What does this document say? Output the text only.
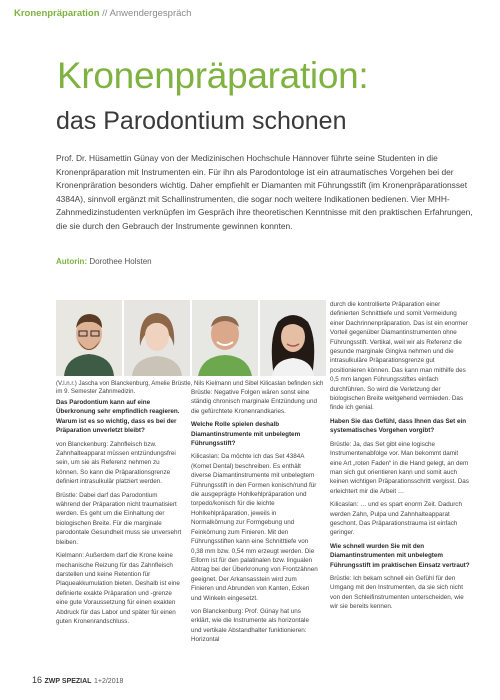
Kronenpräparation // Anwendergespräch
Kronenpräparation:
das Parodontium schonen
Prof. Dr. Hüsamettin Günay von der Medizinischen Hochschule Hannover führte seine Studenten in die Kronenpräparation mit Instrumenten ein. Für ihn als Parodontologe ist ein atraumatisches Vorgehen bei der Kronenpräration besonders wichtig. Daher empfiehlt er Diamanten mit Führungsstift (im Kronenpräparationsset 4384A), sinnvoll ergänzt mit Schallinstrumenten, die sogar noch weitere Indikationen bedienen. Vier MHH-Zahnmedizinstudenten verknüpfen im Gespräch ihre theoretischen Kenntnisse mit den praktischen Erfahrungen, die sie durch den Gebrauch der Instrumente gewinnen konnten.
Autorin: Dorothee Holsten
(V.l.n.r.) Jascha von Blanckenburg, Amelie Brüstle, Nils Kielmann und Sibel Kilicaslan befinden sich im 9. Semester Zahnmedizin.

Das Parodontium kann auf eine Überkronung sehr empfindlich reagieren. Warum ist es so wichtig, dass es bei der Präparation unverletzt bleibt?

von Blanckenburg: Zahnfleisch bzw. Zahnhalteapparat müssen entzündungsfrei sein, um sie als Referenz nehmen zu können. So kann die Präparationsgrenze definiert intrasulkulär platziert werden.

Brüstle: Dabei darf das Parodontium während der Präparation nicht traumatisiert werden. Es geht um die Einhaltung der biologischen Breite. Für die marginale parodontale Gesundheit muss sie unversehrt bleiben.

Kielmann: Außerdem darf die Krone keine mechanische Reizung für das Zahnfleisch darstellen und keine Retention für Plaqueakkumulation bieten. Deshalb ist eine definierte exakte Präparation und -grenze eine gute Voraussetzung für einen exakten Abdruck für das Labor und später für einen guten Kronenrandschluss.

Brüstle: Negative Folgen wären sonst eine ständig chronisch marginale Entzündung und die gefürchtete Kronenrandkaries.

Welche Rolle spielen deshalb Diamantinstrumente mit unbelegtem Führungsstift?

Kilicaslan: Da möchte ich das Set 4384A (Komet Dental) beschreiben. Es enthält diverse Diamantinstrumente mit unbelegtem Führungsstift in den Formen konisch/rund für die ausgeprägte Hohlkehlpräparation und torpedo/konisch für die leichte Hohlkehlpräparation, jeweils in Normalkörnung zur Formgebung und Feinkörnung zum Finieren. Mit den Führungsstiften kann eine Schnitttiefe von 0,38 mm bzw. 0,54 mm erzeugt werden. Die Eiform ist für den palatinalen bzw. lingualen Abtrag bei der Überkronung von Frontzähnen geeignet. Der Arkansasstein wird zum Finieren und Abrunden von Kanten, Ecken und Winkeln eingesetzt.

von Blanckenburg: Prof. Günay hat uns erklärt, wie die Instrumente als horizontale und vertikale Abstandhalter funktionieren: Horizontal

durch die kontrollierte Präparation einer definierten Schnitttiefe und somit Vermeidung einer Dachrinnenpräparation. Das ist ein enormer Vorteil gegenüber Diamantinstrumenten ohne Führungsstift. Vertikal, weil wir als Referenz die gesunde marginale Gingiva nehmen und die intrasulkuläre Präparationsgrenze gut positionieren können. Das kann man mithilfe des 0,5 mm langen Führungsstiftes einfach durchführen. So wird die Verletzung der biologischen Breite weitgehend vermieden. Das finde ich genial.

Haben Sie das Gefühl, dass Ihnen das Set ein systematisches Vorgehen vorgibt?

Brüstle: Ja, das Set gibt eine logische Instrumentenabfolge vor. Man bekommt damit eine Art „roten Faden“ in die Hand gelegt, an dem man sich gut orientieren kann und somit auch keinen wichtigen Präparationsschritt vergisst. Das erleichtert mir die Arbeit …

Kilicaslan: … und es spart enorm Zeit. Dadurch werden Zahn, Pulpa und Zahnhalteapparat geschont. Das Präparationstrauma ist einfach geringer.

Wie schnell wurden Sie mit den Diamantinstrumenten mit unbelegtem Führungsstift im praktischen Einsatz vertraut?

Brüstle: Ich bekam schnell ein Gefühl für den Umgang mit den Instrumenten, da sie sich nicht von den Schleifinstrumenten unterscheiden, wie wir sie bereits kennen.

16 ZWP SPEZIAL 1+2/2018
